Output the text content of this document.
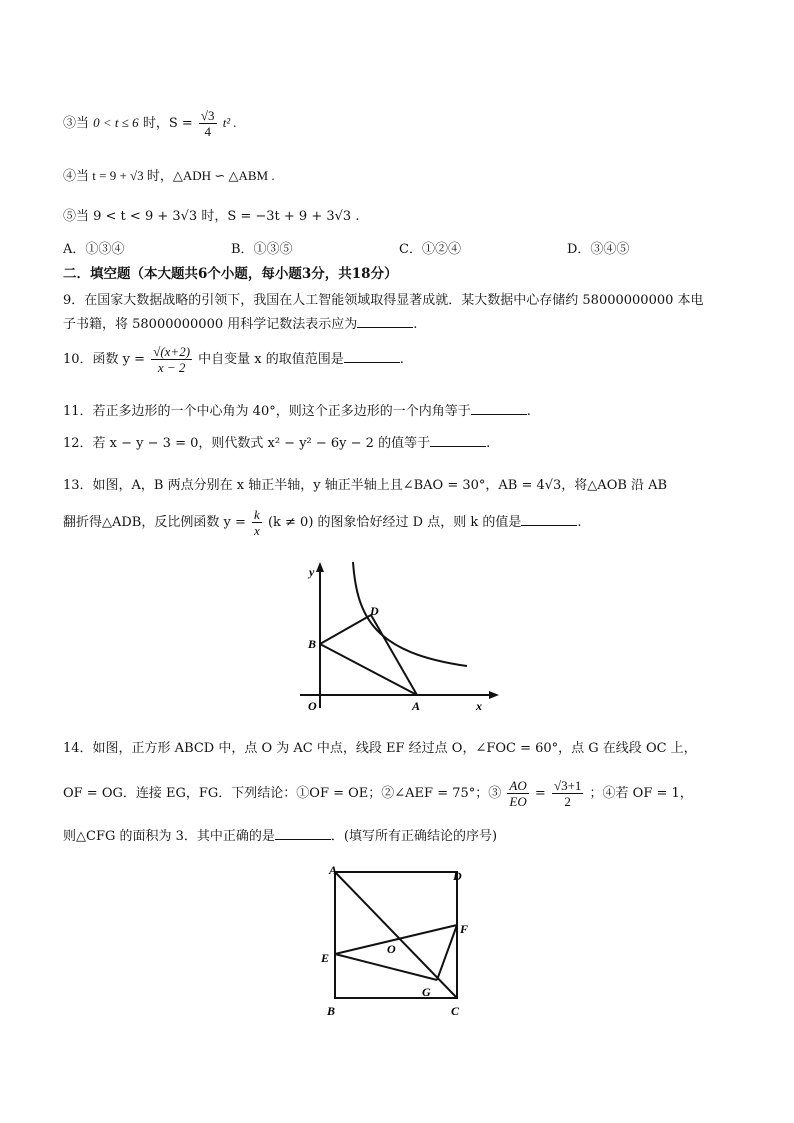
③当 0 < t ≤ 6 时，$S = \frac{√3}{4} t^2$ .
④当 t = 9 + √3 时，△ADH ∽ △ABM .
⑤当 9 < t < 9 + 3√3 时，S = −3t + 9 + 3√3 .
A．①③④	B．①③⑤	C．①②④	D．③④⑤
二．填空题（本大题共6个小题，每小题3分，共18分）
9．在国家大数据战略的引领下，我国在人工智能领域取得显著成就．某大数据中心存储约 58000000000 本电
子书籍，将 58000000000 用科学记数法表示应为	.
10．函数 $y = \frac{√(x+2)}{x - 2}$ 中自变量 x 的取值范围是	.
11．若正多边形的一个中心角为 40°，则这个正多边形的一个内角等于	.
12．若 x − y − 3 = 0，则代数式 x² − y² − 6y − 2 的值等于	.
13．如图，A，B 两点分别在 x 轴正半轴，y 轴正半轴上且∠BAO = 30°，AB = 4√3，将△AOB 沿 AB
翻折得△ADB，反比例函数 $y = \frac{k}{x} (k \ne 0)$ 的图象恰好经过 D 点，则 k 的值是	.
y
x
O
B
D
A
14．如图，正方形 ABCD 中，点 O 为 AC 中点，线段 EF 经过点 O，∠FOC = 60°，点 G 在线段 OC 上，
OF = OG．连接 EG，FG．下列结论：①OF = OE；②∠AEF = 75°；③ $\frac{AO}{EO} = \frac{√3+1}{2}$ ；④若 OF = 1，
则△CFG 的面积为 3．其中正确的是	．(填写所有正确结论的序号)
A	D
F
O
E
G
B	C
